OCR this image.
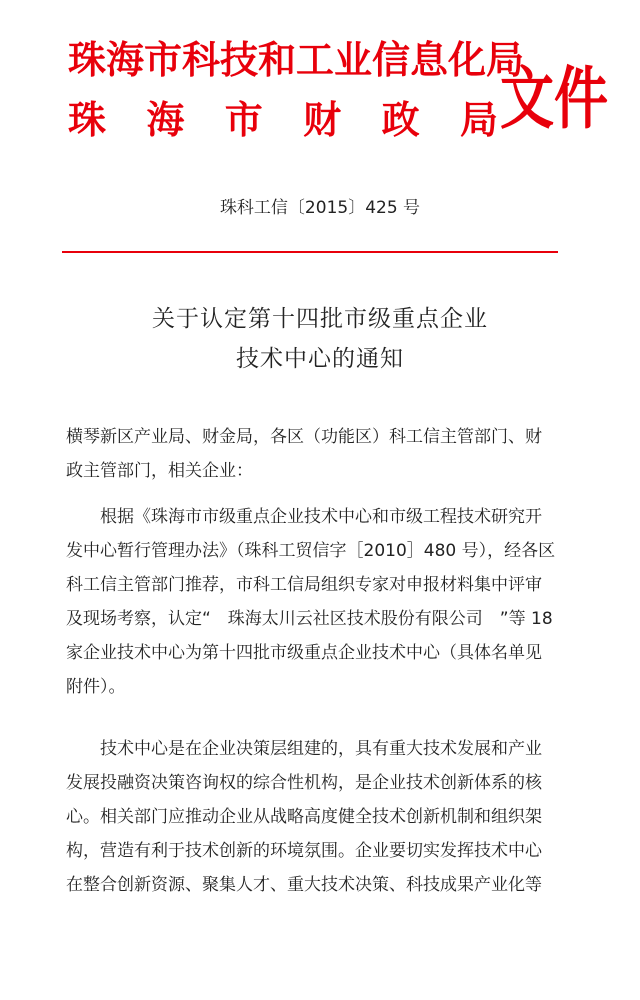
珠海市科技和工业信息化局
珠 海 市 财 政 局 文件
珠科工信〔2015〕425 号
关于认定第十四批市级重点企业
技术中心的通知
横琴新区产业局、财金局，各区（功能区）科工信主管部门、财
政主管部门，相关企业：
　　根据《珠海市市级重点企业技术中心和市级工程技术研究开
发中心暂行管理办法》（珠科工贸信字［2010］480 号），经各区
科工信主管部门推荐，市科工信局组织专家对申报材料集中评审
及现场考察，认定“　珠海太川云社区技术股份有限公司　”等 18
家企业技术中心为第十四批市级重点企业技术中心（具体名单见
附件）。
　　技术中心是在企业决策层组建的，具有重大技术发展和产业
发展投融资决策咨询权的综合性机构，是企业技术创新体系的核
心。相关部门应推动企业从战略高度健全技术创新机制和组织架
构，营造有利于技术创新的环境氛围。企业要切实发挥技术中心
在整合创新资源、聚集人才、重大技术决策、科技成果产业化等
